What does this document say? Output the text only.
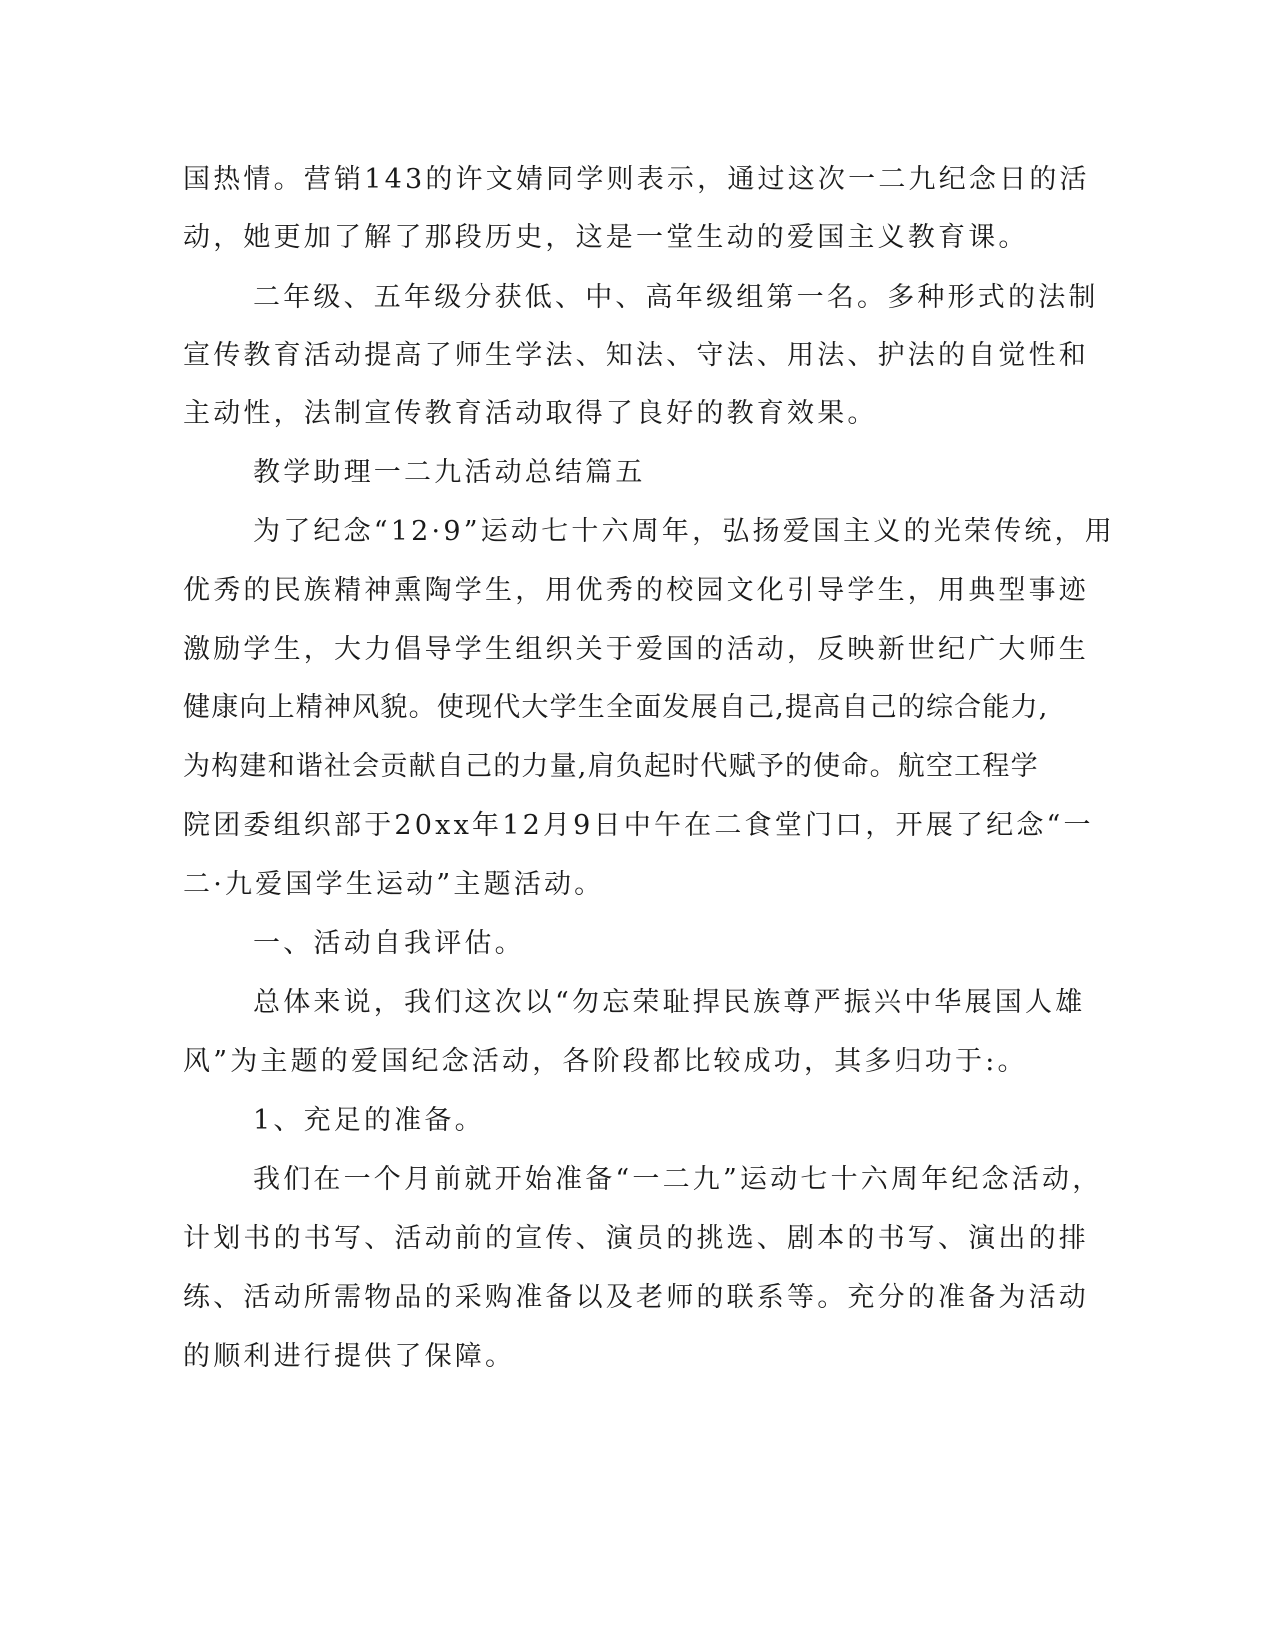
国热情。营销143的许文婧同学则表示，通过这次一二九纪念日的活
动，她更加了解了那段历史，这是一堂生动的爱国主义教育课。
二年级、五年级分获低、中、高年级组第一名。多种形式的法制
宣传教育活动提高了师生学法、知法、守法、用法、护法的自觉性和
主动性，法制宣传教育活动取得了良好的教育效果。
教学助理一二九活动总结篇五
为了纪念“12·9”运动七十六周年，弘扬爱国主义的光荣传统，用
优秀的民族精神熏陶学生，用优秀的校园文化引导学生，用典型事迹
激励学生，大力倡导学生组织关于爱国的活动，反映新世纪广大师生
健康向上精神风貌。使现代大学生全面发展自己,提高自己的综合能力,
为构建和谐社会贡献自己的力量,肩负起时代赋予的使命。航空工程学
院团委组织部于20xx年12月9日中午在二食堂门口，开展了纪念“一
二·九爱国学生运动”主题活动。
一、活动自我评估。
总体来说，我们这次以“勿忘荣耻捍民族尊严振兴中华展国人雄
风”为主题的爱国纪念活动，各阶段都比较成功，其多归功于:。
1、充足的准备。
我们在一个月前就开始准备“一二九”运动七十六周年纪念活动，
计划书的书写、活动前的宣传、演员的挑选、剧本的书写、演出的排
练、活动所需物品的采购准备以及老师的联系等。充分的准备为活动
的顺利进行提供了保障。
